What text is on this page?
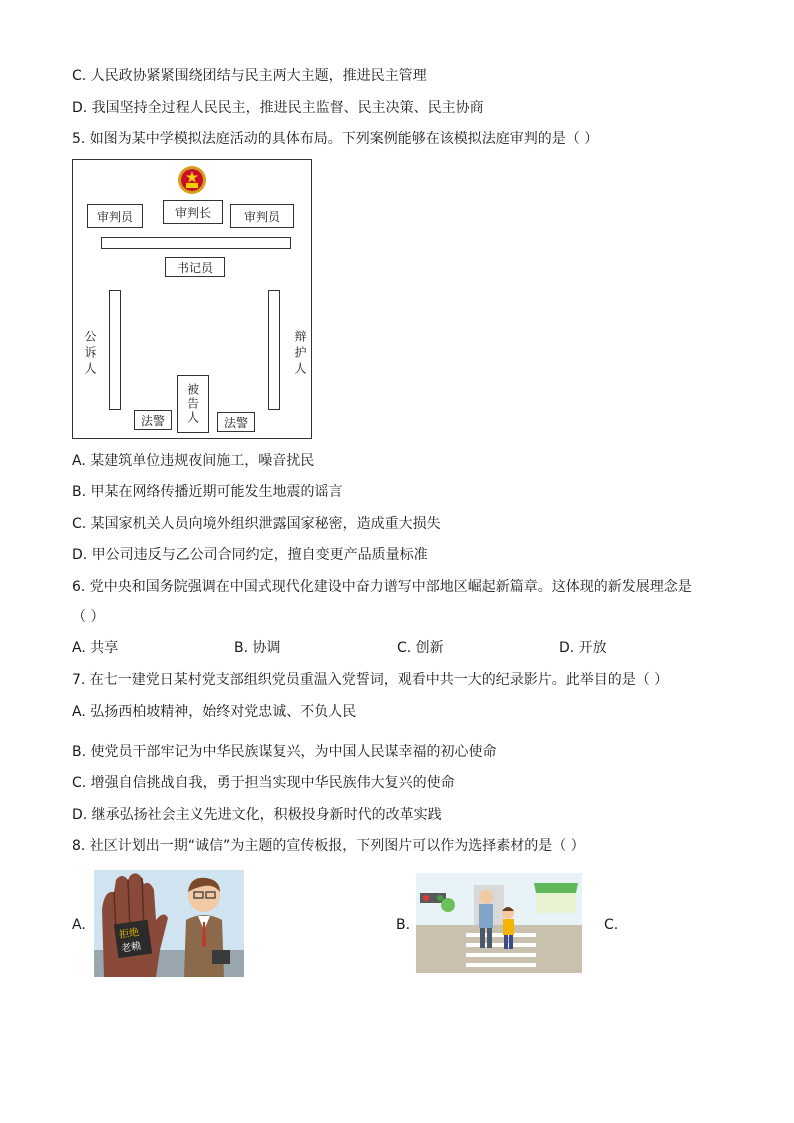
C. 人民政协紧紧围绕团结与民主两大主题，推进民主管理
D. 我国坚持全过程人民民主，推进民主监督、民主决策、民主协商
5. 如图为某中学模拟法庭活动的具体布局。下列案例能够在该模拟法庭审判的是（ ）
审判员	审判长	审判员
书记员
公诉人	辩护人
被告人
法警	法警
A. 某建筑单位违规夜间施工，噪音扰民
B. 甲某在网络传播近期可能发生地震的谣言
C. 某国家机关人员向境外组织泄露国家秘密，造成重大损失
D. 甲公司违反与乙公司合同约定，擅自变更产品质量标准
6. 党中央和国务院强调在中国式现代化建设中奋力谱写中部地区崛起新篇章。这体现的新发展理念是
（ ）
A. 共享	B. 协调	C. 创新	D. 开放
7. 在七一建党日某村党支部组织党员重温入党誓词，观看中共一大的纪录影片。此举目的是（ ）
A. 弘扬西柏坡精神，始终对党忠诚、不负人民
B. 使党员干部牢记为中华民族谋复兴，为中国人民谋幸福的初心使命
C. 增强自信挑战自我，勇于担当实现中华民族伟大复兴的使命
D. 继承弘扬社会主义先进文化，积极投身新时代的改革实践
8. 社区计划出一期“诚信”为主题的宣传板报，下列图片可以作为选择素材的是（ ）
A.	B.	C.
拒绝
老赖
